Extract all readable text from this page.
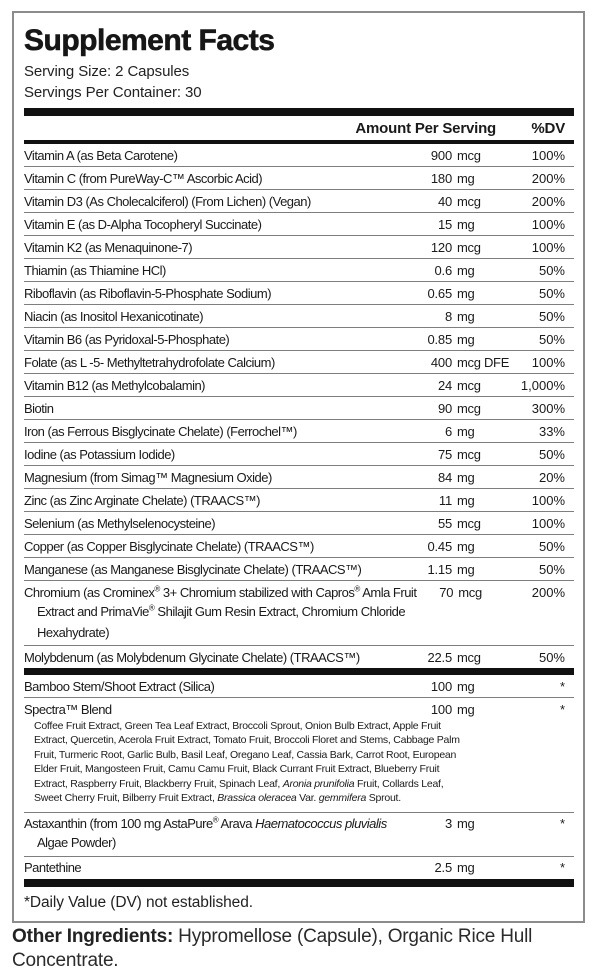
Supplement Facts
Serving Size: 2 Capsules
Servings Per Container: 30
Amount Per Serving	%DV
Vitamin A (as Beta Carotene)	900 mcg	100%
Vitamin C (from PureWay-C™ Ascorbic Acid)	180 mg	200%
Vitamin D3 (As Cholecalciferol) (From Lichen) (Vegan)	40 mcg	200%
Vitamin E (as D-Alpha Tocopheryl Succinate)	15 mg	100%
Vitamin K2 (as Menaquinone-7)	120 mcg	100%
Thiamin (as Thiamine HCl)	0.6 mg	50%
Riboflavin (as Riboflavin-5-Phosphate Sodium)	0.65 mg	50%
Niacin (as Inositol Hexanicotinate)	8 mg	50%
Vitamin B6 (as Pyridoxal-5-Phosphate)	0.85 mg	50%
Folate (as L -5- Methyltetrahydrofolate Calcium)	400 mcg DFE	100%
Vitamin B12 (as Methylcobalamin)	24 mcg	1,000%
Biotin	90 mcg	300%
Iron (as Ferrous Bisglycinate Chelate) (Ferrochel™)	6 mg	33%
Iodine (as Potassium Iodide)	75 mcg	50%
Magnesium (from Simag™ Magnesium Oxide)	84 mg	20%
Zinc (as Zinc Arginate Chelate) (TRAACS™)	11 mg	100%
Selenium (as Methylselenocysteine)	55 mcg	100%
Copper (as Copper Bisglycinate Chelate) (TRAACS™)	0.45 mg	50%
Manganese (as Manganese Bisglycinate Chelate) (TRAACS™)	1.15 mg	50%
Chromium (as Crominex® 3+ Chromium stabilized with Capros® Amla Fruit	70 mcg	200%
Extract and PrimaVie® Shilajit Gum Resin Extract, Chromium Chloride
Hexahydrate)
Molybdenum (as Molybdenum Glycinate Chelate) (TRAACS™)	22.5 mcg	50%
Bamboo Stem/Shoot Extract (Silica)	100 mg	*
Spectra™ Blend	100 mg	*
Coffee Fruit Extract, Green Tea Leaf Extract, Broccoli Sprout, Onion Bulb Extract, Apple Fruit Extract, Quercetin, Acerola Fruit Extract, Tomato Fruit, Broccoli Floret and Stems, Cabbage Palm Fruit, Turmeric Root, Garlic Bulb, Basil Leaf, Oregano Leaf, Cassia Bark, Carrot Root, European Elder Fruit, Mangosteen Fruit, Camu Camu Fruit, Black Currant Fruit Extract, Blueberry Fruit Extract, Raspberry Fruit, Blackberry Fruit, Spinach Leaf, Aronia prunifolia Fruit, Collards Leaf, Sweet Cherry Fruit, Bilberry Fruit Extract, Brassica oleracea Var. gemmifera Sprout.
Astaxanthin (from 100 mg AstaPure® Arava Haematococcus pluvialis	3 mg	*
Algae Powder)
Pantethine	2.5 mg	*
*Daily Value (DV) not established.
Other Ingredients: Hypromellose (Capsule), Organic Rice Hull Concentrate.
